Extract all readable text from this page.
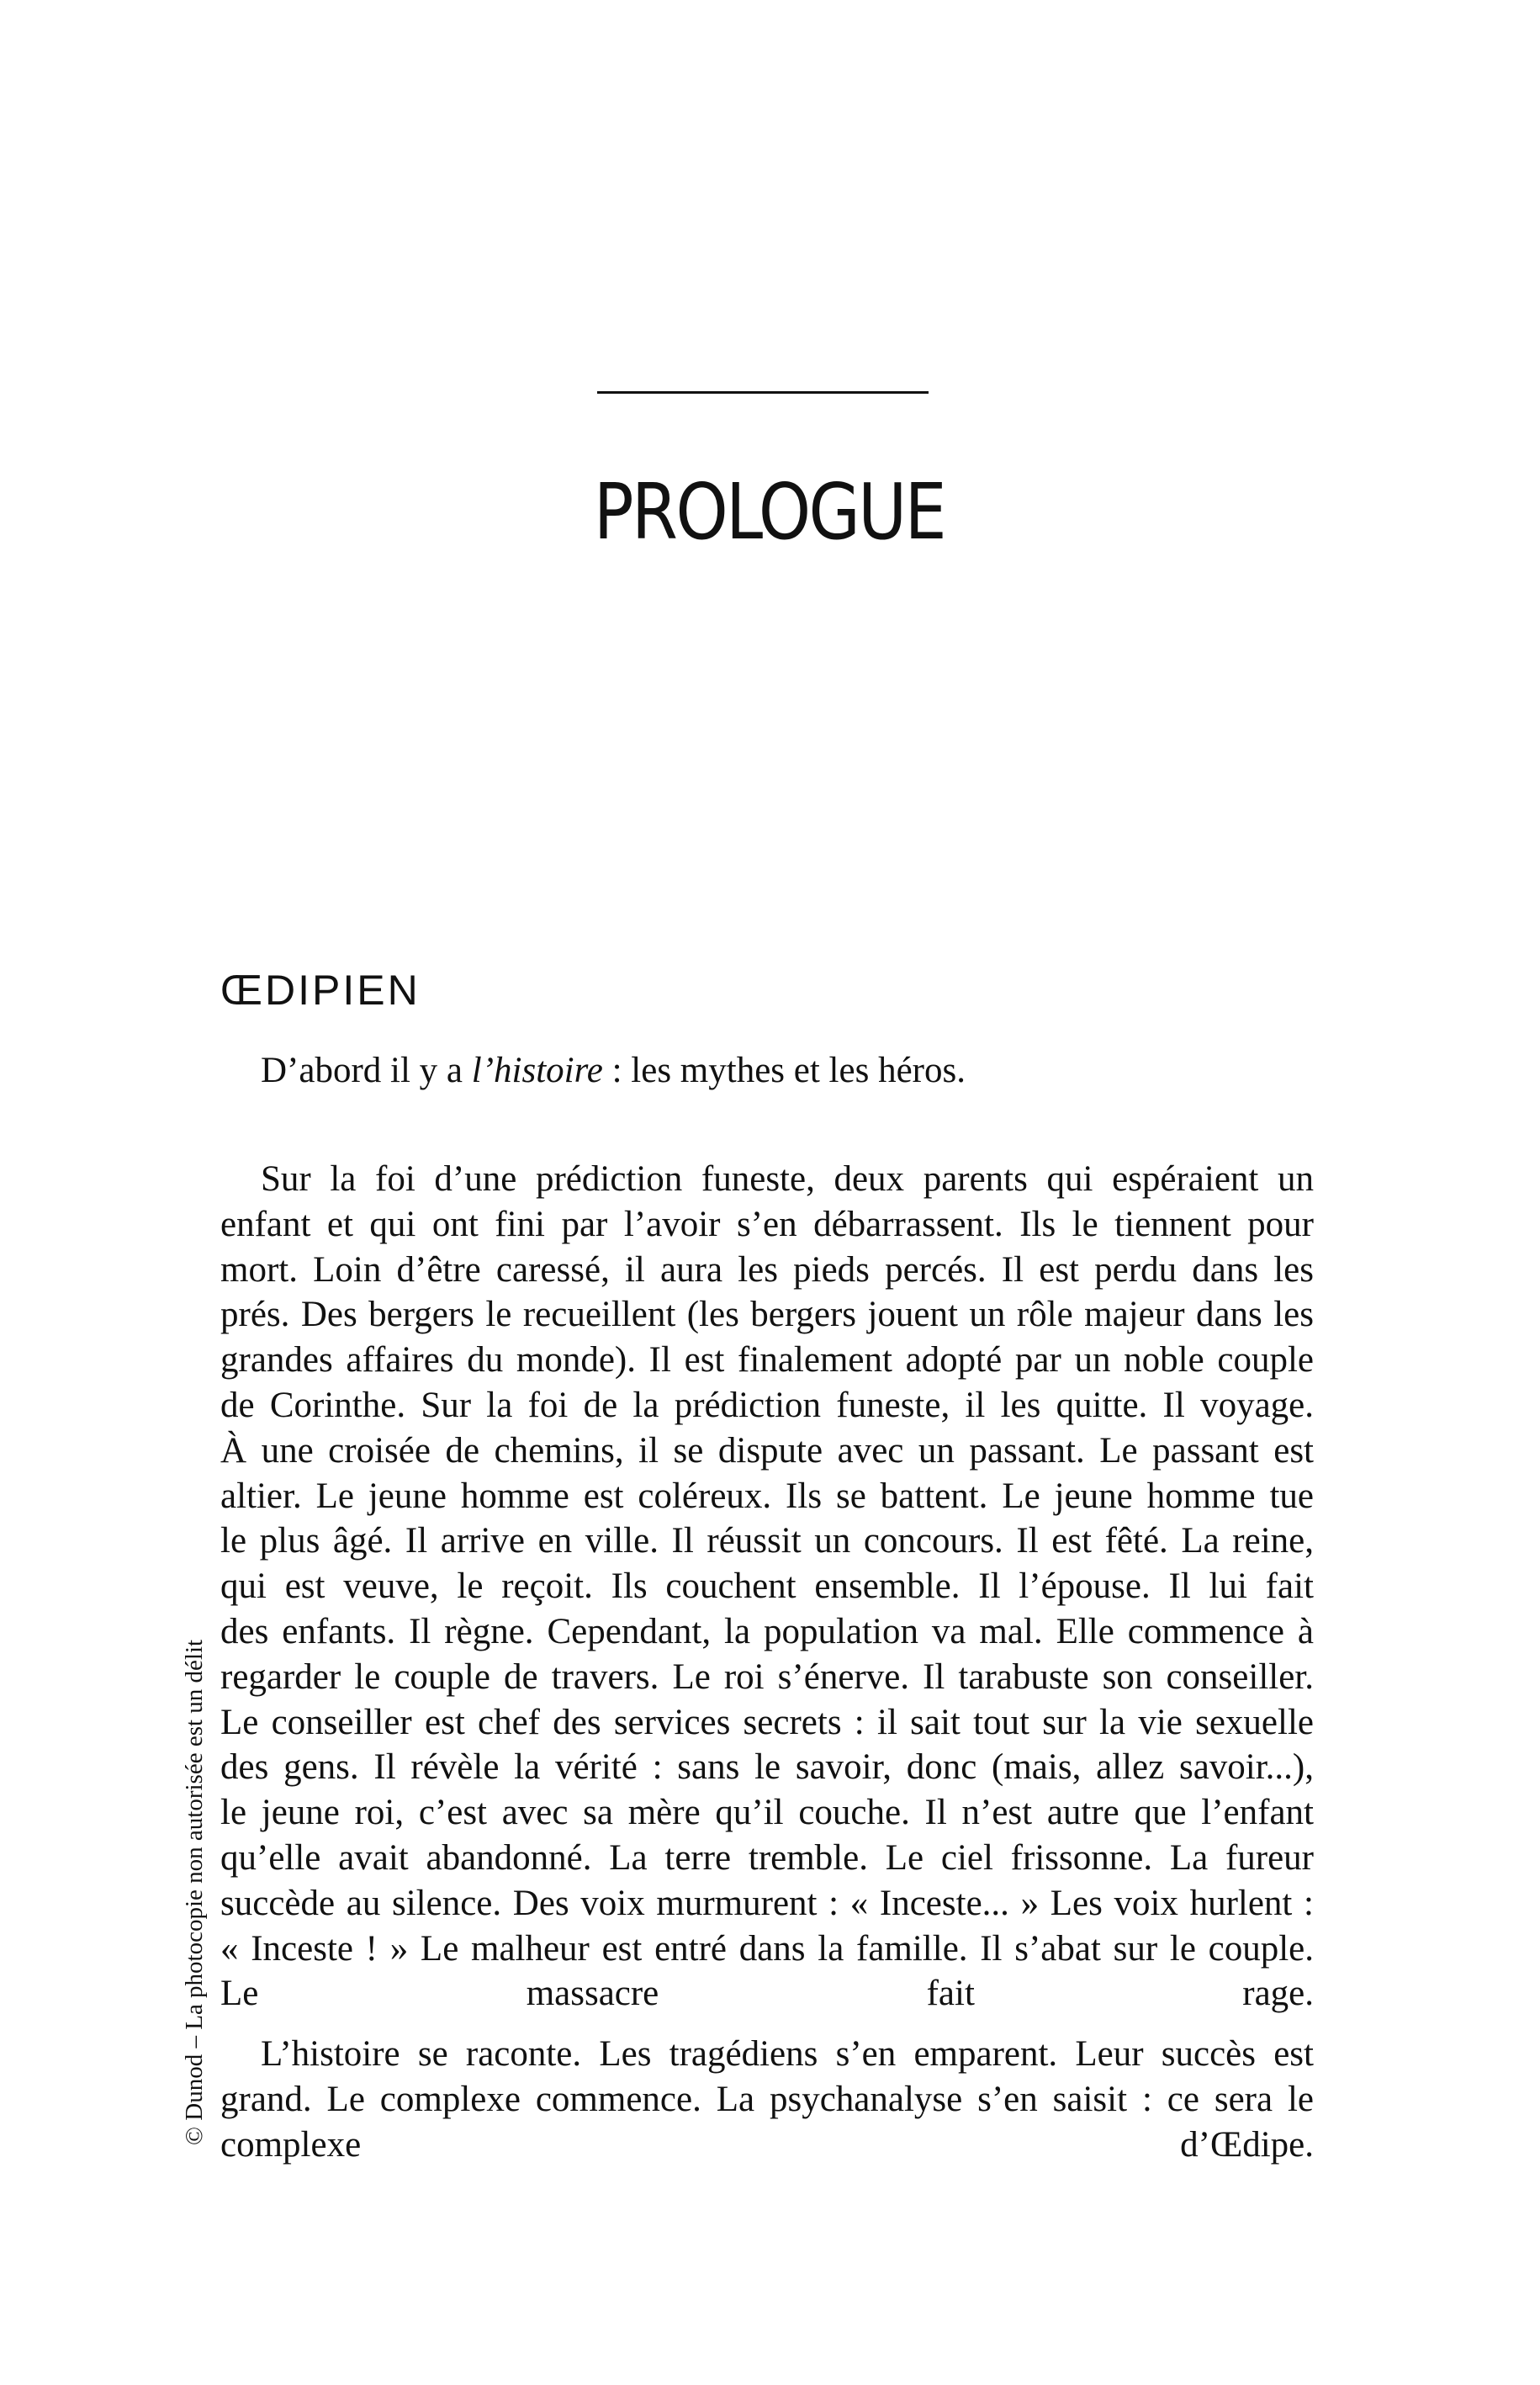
PROLOGUE
ŒDIPIEN

D’abord il y a l’histoire : les mythes et les héros.

Sur la foi d’une prédiction funeste, deux parents qui espéraient un
enfant et qui ont fini par l’avoir s’en débarrassent. Ils le tiennent pour
mort. Loin d’être caressé, il aura les pieds percés. Il est perdu dans les
prés. Des bergers le recueillent (les bergers jouent un rôle majeur dans les
grandes affaires du monde). Il est finalement adopté par un noble couple
de Corinthe. Sur la foi de la prédiction funeste, il les quitte. Il voyage.
À une croisée de chemins, il se dispute avec un passant. Le passant est
altier. Le jeune homme est coléreux. Ils se battent. Le jeune homme tue
le plus âgé. Il arrive en ville. Il réussit un concours. Il est fêté. La reine,
qui est veuve, le reçoit. Ils couchent ensemble. Il l’épouse. Il lui fait
des enfants. Il règne. Cependant, la population va mal. Elle commence à
regarder le couple de travers. Le roi s’énerve. Il tarabuste son conseiller.
Le conseiller est chef des services secrets : il sait tout sur la vie sexuelle
des gens. Il révèle la vérité : sans le savoir, donc (mais, allez savoir...),
le jeune roi, c’est avec sa mère qu’il couche. Il n’est autre que l’enfant
qu’elle avait abandonné. La terre tremble. Le ciel frissonne. La fureur
succède au silence. Des voix murmurent : « Inceste... » Les voix hurlent :
« Inceste ! » Le malheur est entré dans la famille. Il s’abat sur le couple.
Le massacre fait rage.

L’histoire se raconte. Les tragédiens s’en emparent. Leur succès est
grand. Le complexe commence. La psychanalyse s’en saisit : ce sera le
complexe d’Œdipe.

© Dunod – La photocopie non autorisée est un délit
